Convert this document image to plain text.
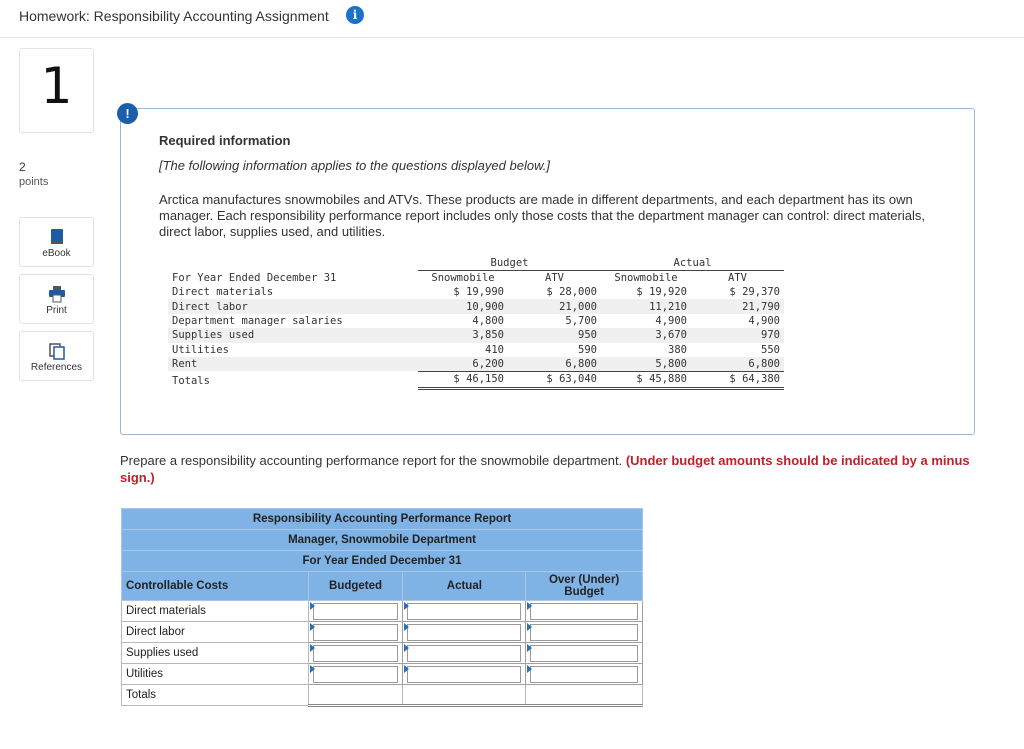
Homework: Responsibility Accounting Assignment	i
1
2
points
eBook
Print
References
!
Required information
[The following information applies to the questions displayed below.]
Arctica manufactures snowmobiles and ATVs. These products are made in different departments, and each department has its own manager. Each responsibility performance report includes only those costs that the department manager can control: direct materials, direct labor, supplies used, and utilities.
	Budget		Actual	
For Year Ended December 31	Snowmobile	ATV	Snowmobile	ATV
Direct materials	$ 19,990	$ 28,000	$ 19,920	$ 29,370
Direct labor	10,900	21,000	11,210	21,790
Department manager salaries	4,800	5,700	4,900	4,900
Supplies used	3,850	950	3,670	970
Utilities	410	590	380	550
Rent	6,200	6,800	5,800	6,800
Totals	$ 46,150	$ 63,040	$ 45,880	$ 64,380
Prepare a responsibility accounting performance report for the snowmobile department. (Under budget amounts should be indicated by a minus sign.)
Responsibility Accounting Performance Report			
Manager, Snowmobile Department			
For Year Ended December 31			
Controllable Costs	Budgeted	Actual	Over (Under) Budget
Direct materials	

Direct labor	

Supplies used	

Utilities	

Totals			
